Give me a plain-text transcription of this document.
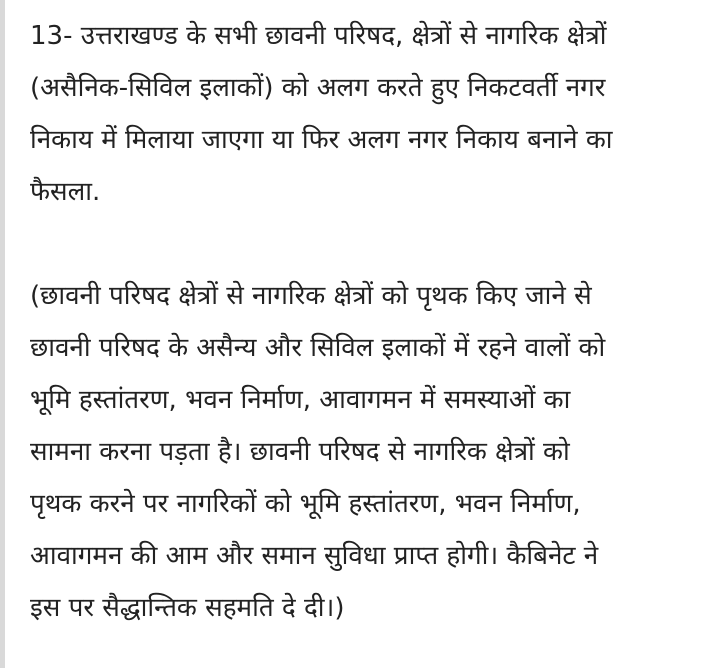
13- उत्तराखण्ड के सभी छावनी परिषद, क्षेत्रों से नागरिक क्षेत्रों
(असैनिक-सिविल इलाकों) को अलग करते हुए निकटवर्ती नगर
निकाय में मिलाया जाएगा या फिर अलग नगर निकाय बनाने का
फैसला.

(छावनी परिषद क्षेत्रों से नागरिक क्षेत्रों को पृथक किए जाने से
छावनी परिषद के असैन्य और सिविल इलाकों में रहने वालों को
भूमि हस्तांतरण, भवन निर्माण, आवागमन में समस्याओं का
सामना करना पड़ता है। छावनी परिषद से नागरिक क्षेत्रों को
पृथक करने पर नागरिकों को भूमि हस्तांतरण, भवन निर्माण,
आवागमन की आम और समान सुविधा प्राप्त होगी। कैबिनेट ने
इस पर सैद्धान्तिक सहमति दे दी।)
